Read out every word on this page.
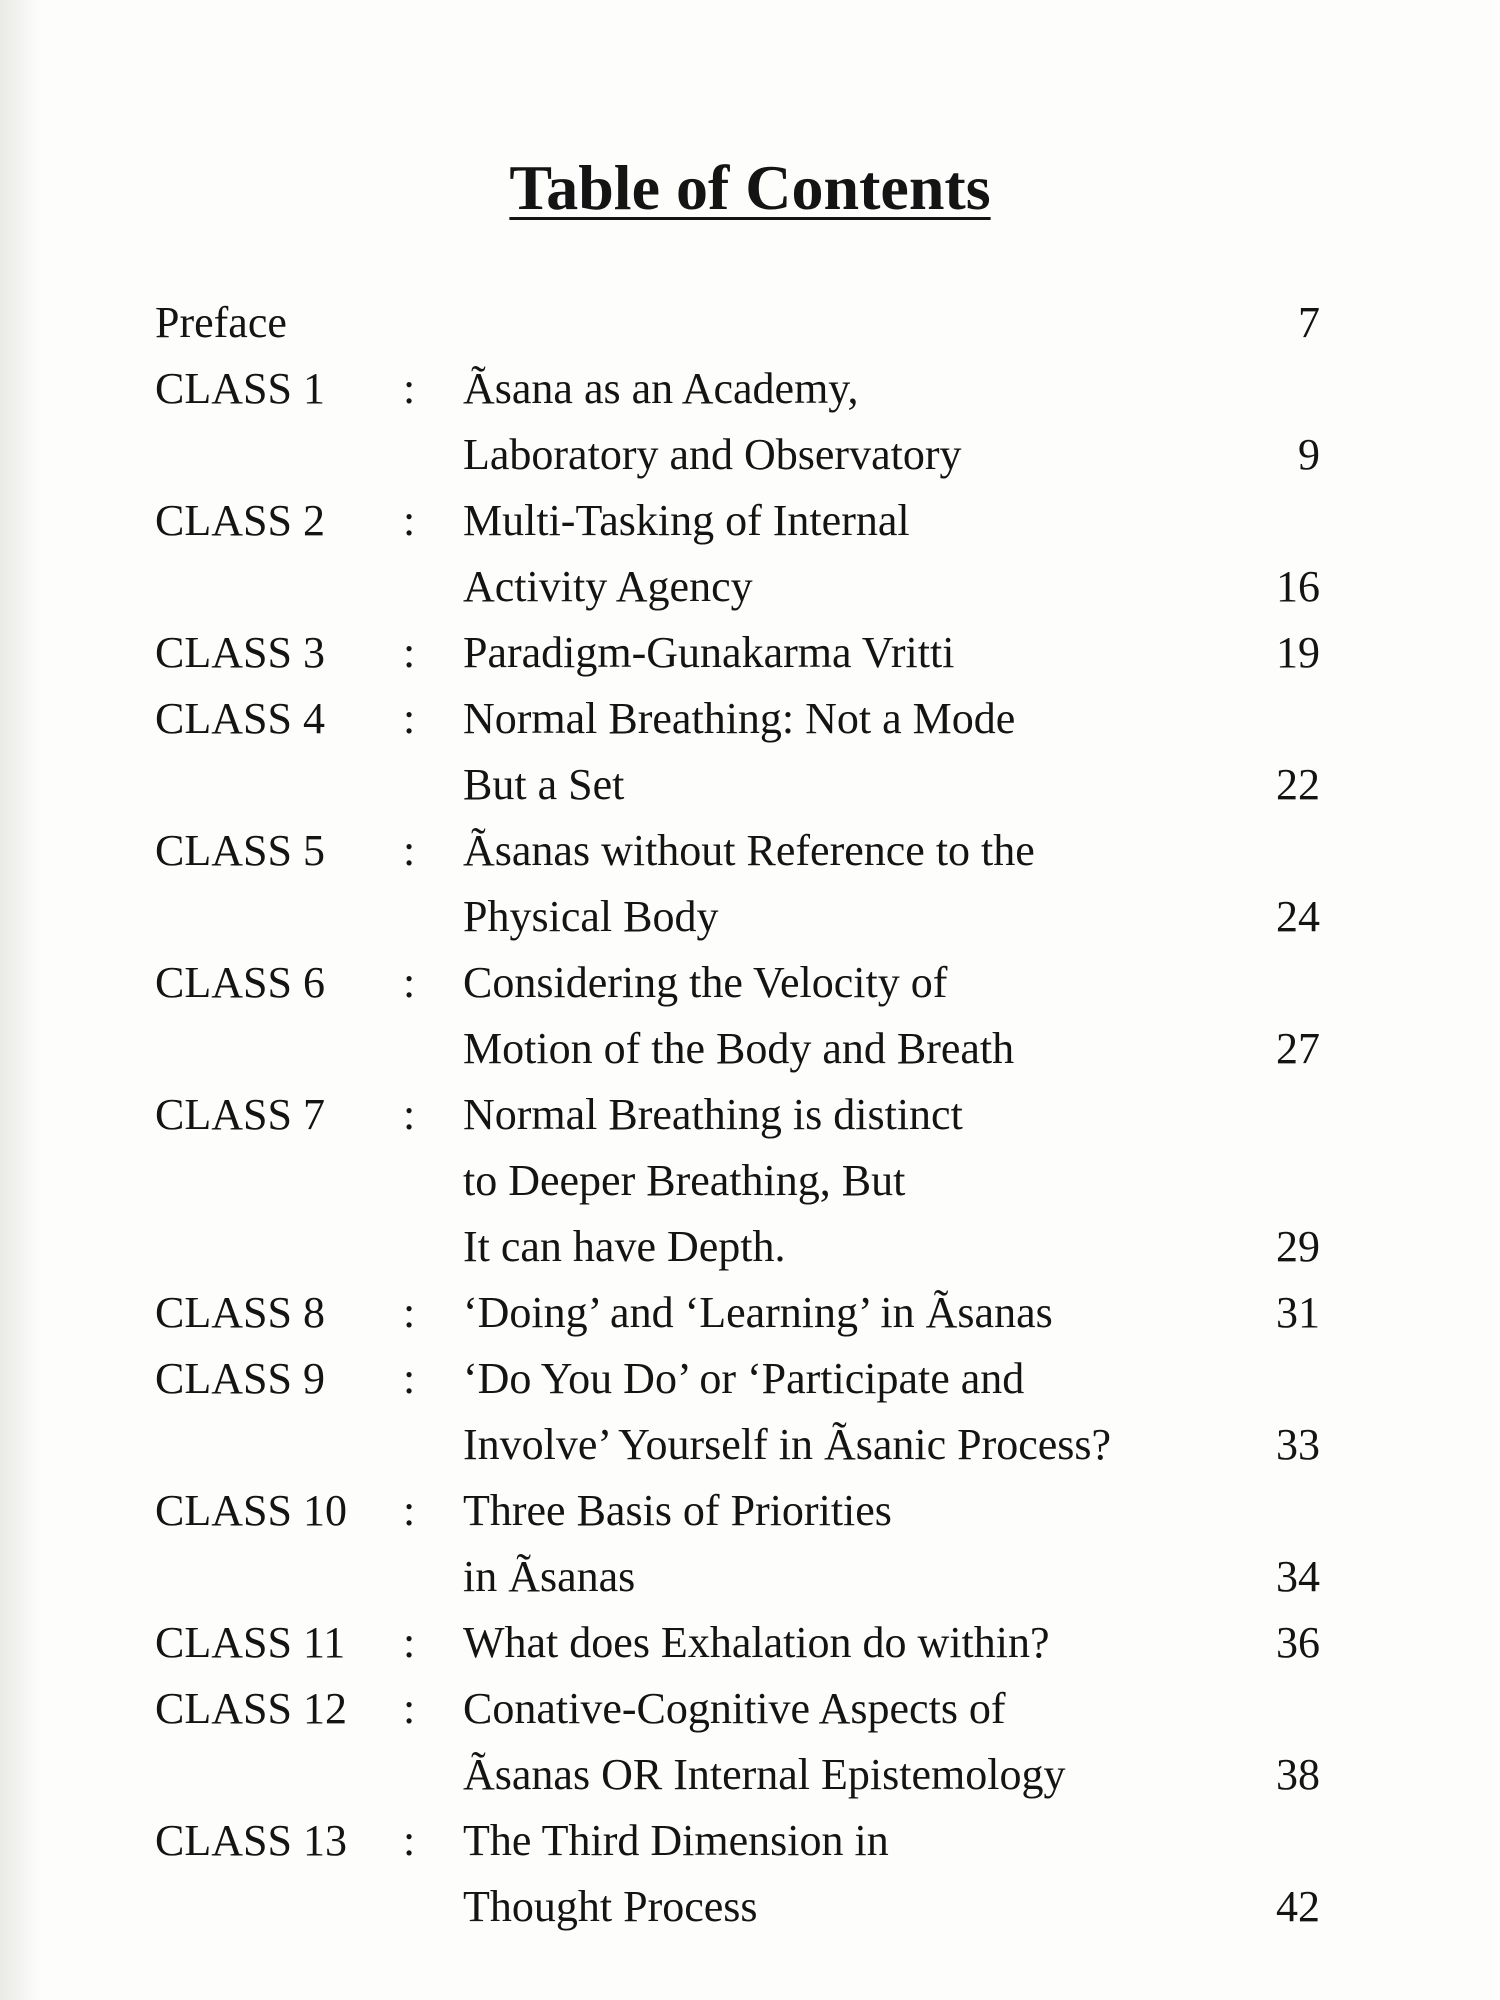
Table of Contents
Preface	7
CLASS 1 : Ãsana as an Academy,
Laboratory and Observatory	9
CLASS 2 : Multi-Tasking of Internal
Activity Agency	16
CLASS 3 : Paradigm-Gunakarma Vritti	19
CLASS 4 : Normal Breathing: Not a Mode
But a Set	22
CLASS 5 : Ãsanas without Reference to the
Physical Body	24
CLASS 6 : Considering the Velocity of
Motion of the Body and Breath	27
CLASS 7 : Normal Breathing is distinct
to Deeper Breathing, But
It can have Depth.	29
CLASS 8 : ‘Doing’ and ‘Learning’ in Ãsanas	31
CLASS 9 : ‘Do You Do’ or ‘Participate and
Involve’ Yourself in Ãsanic Process?	33
CLASS 10 : Three Basis of Priorities
in Ãsanas	34
CLASS 11 : What does Exhalation do within?	36
CLASS 12 : Conative-Cognitive Aspects of
Ãsanas OR Internal Epistemology	38
CLASS 13 : The Third Dimension in
Thought Process	42
